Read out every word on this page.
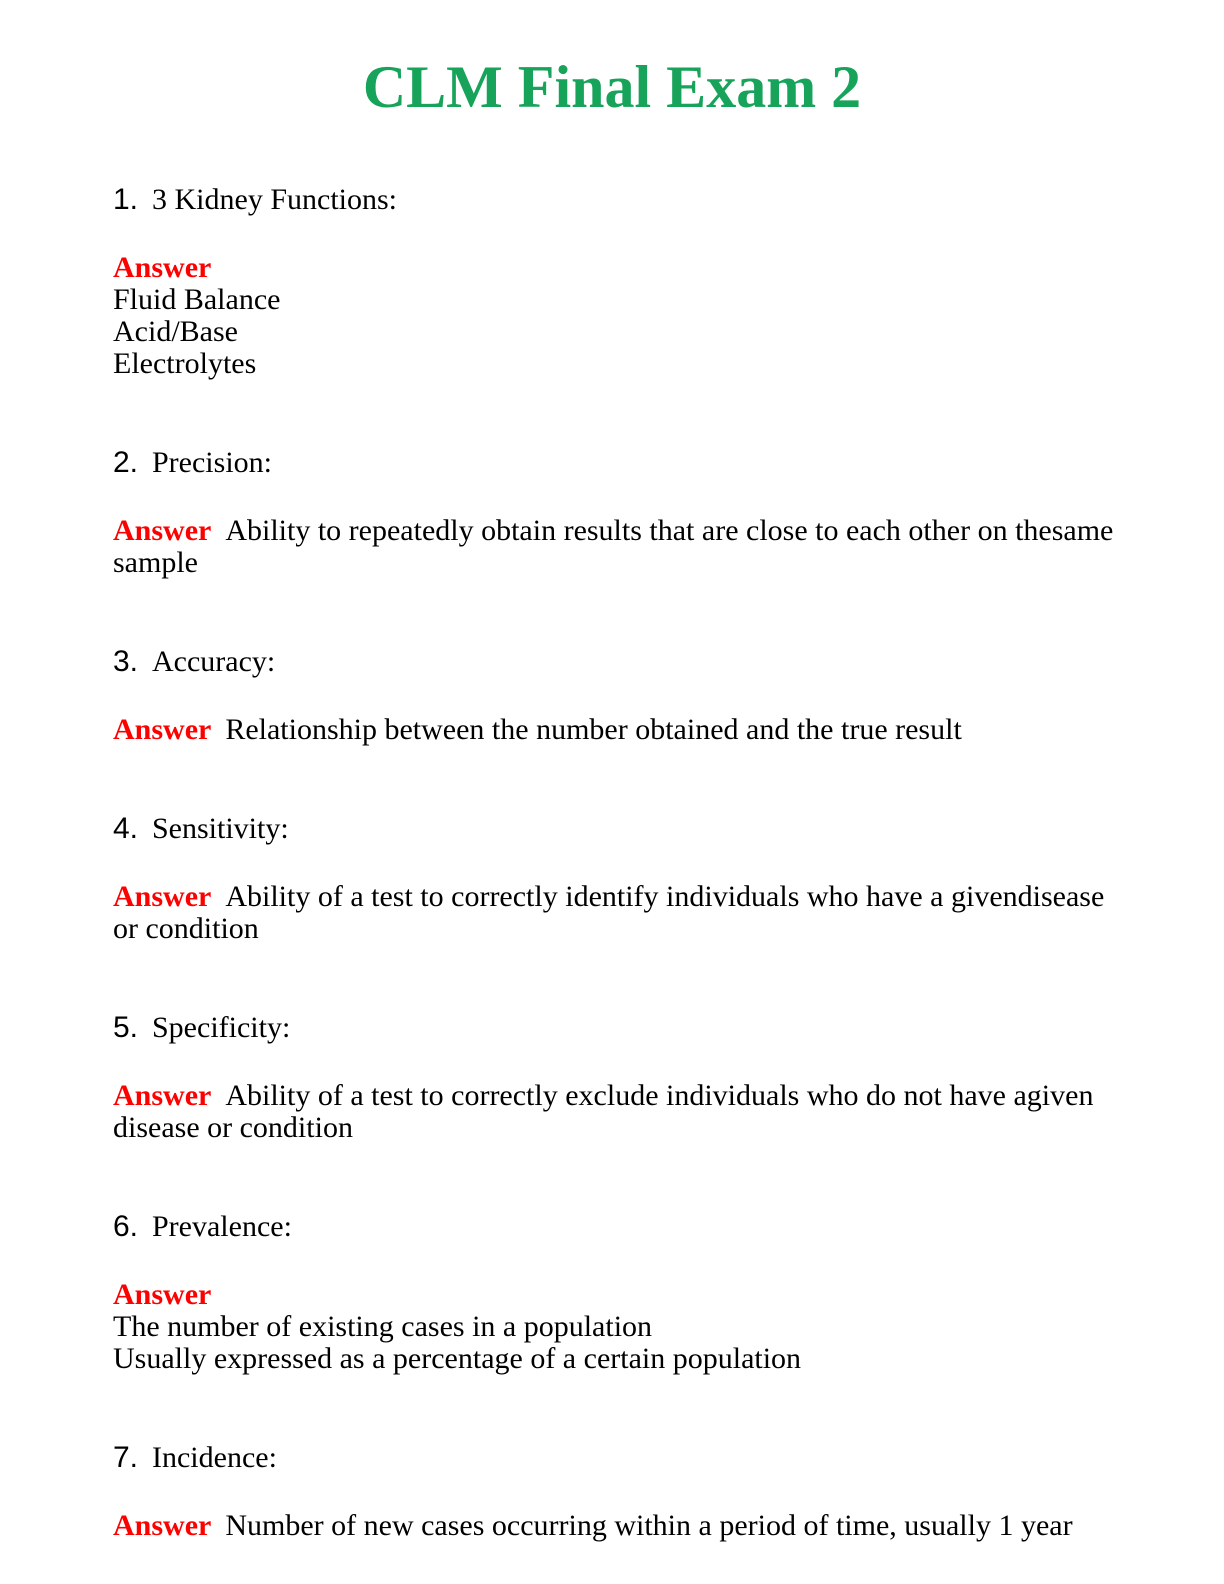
CLM Final Exam 2

1. 3 Kidney Functions:

Answer

Fluid Balance

Acid/Base

Electrolytes

2. Precision:

Answer Ability to repeatedly obtain results that are close to each other on thesame sample

3. Accuracy:

Answer Relationship between the number obtained and the true result

4. Sensitivity:

Answer Ability of a test to correctly identify individuals who have a givendisease or condition

5. Specificity:

Answer Ability of a test to correctly exclude individuals who do not have agiven disease or condition

6. Prevalence:

Answer

The number of existing cases in a population

Usually expressed as a percentage of a certain population

7. Incidence:

Answer Number of new cases occurring within a period of time, usually 1 year
